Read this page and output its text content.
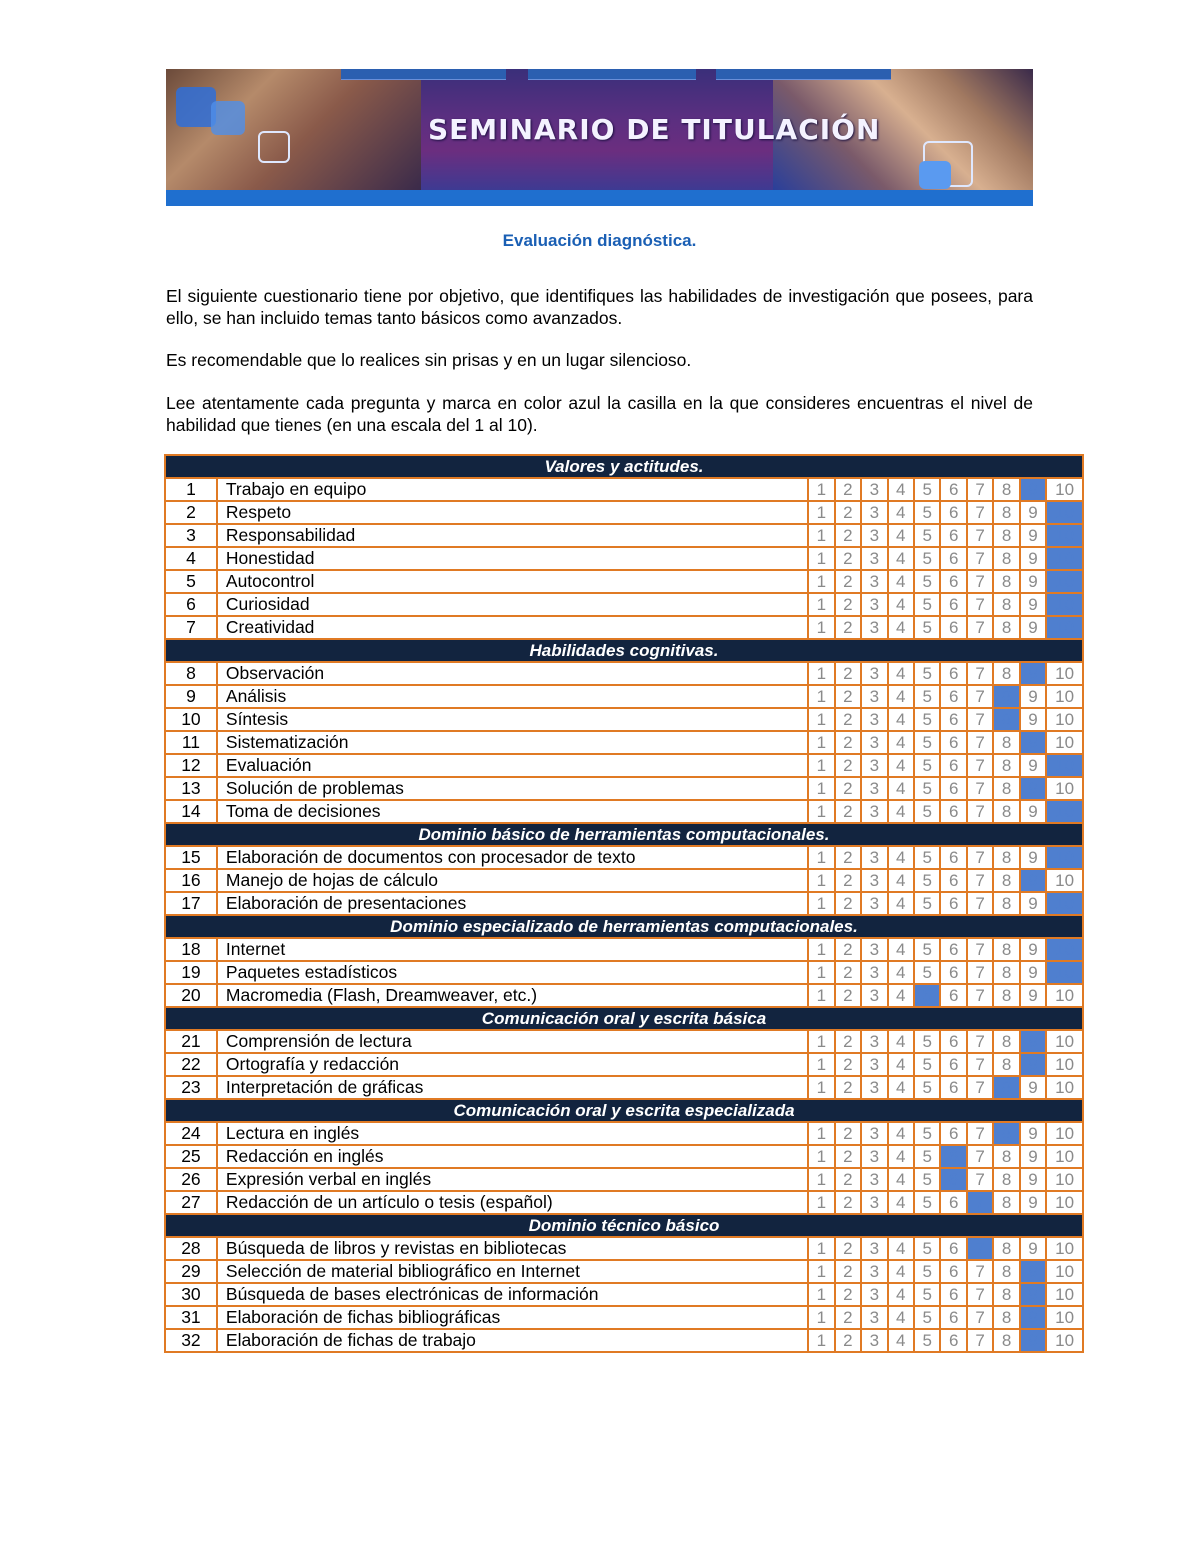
SEMINARIO DE TITULACIÓN
Evaluación diagnóstica.

El siguiente cuestionario tiene por objetivo, que identifiques las habilidades de investigación que posees, para ello, se han incluido temas tanto básicos como avanzados.

Es recomendable que lo realices sin prisas y en un lugar silencioso.

Lee atentamente cada pregunta y marca en color azul la casilla en la que consideres encuentras el nivel de habilidad que tienes (en una escala del 1 al 10).

Valores y actitudes.											
1	Trabajo en equipo	1	2	3	4	5	6	7	8	9	10
2	Respeto	1	2	3	4	5	6	7	8	9	10
3	Responsabilidad	1	2	3	4	5	6	7	8	9	10
4	Honestidad	1	2	3	4	5	6	7	8	9	10
5	Autocontrol	1	2	3	4	5	6	7	8	9	10
6	Curiosidad	1	2	3	4	5	6	7	8	9	10
7	Creatividad	1	2	3	4	5	6	7	8	9	10
Habilidades cognitivas.											
8	Observación	1	2	3	4	5	6	7	8	9	10
9	Análisis	1	2	3	4	5	6	7	8	9	10
10	Síntesis	1	2	3	4	5	6	7	8	9	10
11	Sistematización	1	2	3	4	5	6	7	8	9	10
12	Evaluación	1	2	3	4	5	6	7	8	9	10
13	Solución de problemas	1	2	3	4	5	6	7	8	9	10
14	Toma de decisiones	1	2	3	4	5	6	7	8	9	10
Dominio básico de herramientas computacionales.											
15	Elaboración de documentos con procesador de texto	1	2	3	4	5	6	7	8	9	10
16	Manejo de hojas de cálculo	1	2	3	4	5	6	7	8	9	10
17	Elaboración de presentaciones	1	2	3	4	5	6	7	8	9	10
Dominio especializado de herramientas computacionales.											
18	Internet	1	2	3	4	5	6	7	8	9	10
19	Paquetes estadísticos	1	2	3	4	5	6	7	8	9	10
20	Macromedia (Flash, Dreamweaver, etc.)	1	2	3	4	5	6	7	8	9	10
Comunicación oral y escrita básica											
21	Comprensión de lectura	1	2	3	4	5	6	7	8	9	10
22	Ortografía y redacción	1	2	3	4	5	6	7	8	9	10
23	Interpretación de gráficas	1	2	3	4	5	6	7	8	9	10
Comunicación oral y escrita especializada											
24	Lectura en inglés	1	2	3	4	5	6	7	8	9	10
25	Redacción en inglés	1	2	3	4	5	6	7	8	9	10
26	Expresión verbal en inglés	1	2	3	4	5	6	7	8	9	10
27	Redacción de un artículo o tesis (español)	1	2	3	4	5	6	7	8	9	10
Dominio técnico básico											
28	Búsqueda de libros y revistas en bibliotecas	1	2	3	4	5	6	7	8	9	10
29	Selección de material bibliográfico en Internet	1	2	3	4	5	6	7	8	9	10
30	Búsqueda de bases electrónicas de información	1	2	3	4	5	6	7	8	9	10
31	Elaboración de fichas bibliográficas	1	2	3	4	5	6	7	8	9	10
32	Elaboración de fichas de trabajo	1	2	3	4	5	6	7	8	9	10
